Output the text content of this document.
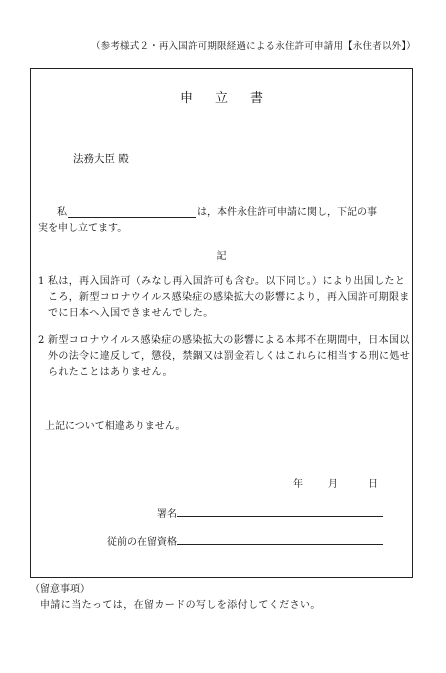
（参考様式２・再入国許可期限経過による永住許可申請用【永住者以外】）
申立書
法務大臣 殿
私	は，本件永住許可申請に関し，下記の事
実を申し立てます。
記
1 私は，再入国許可（みなし再入国許可も含む。以下同じ。）により出国したところ，新型コロナウイルス感染症の感染拡大の影響により，再入国許可期限までに日本へ入国できませんでした。
2 新型コロナウイルス感染症の感染拡大の影響による本邦不在期間中，日本国以外の法令に違反して，懲役，禁錮又は罰金若しくはこれらに相当する刑に処せられたことはありません。
上記について相違ありません。
年	月	日
署名
従前の在留資格
（留意事項）
申請に当たっては，在留カードの写しを添付してください。
